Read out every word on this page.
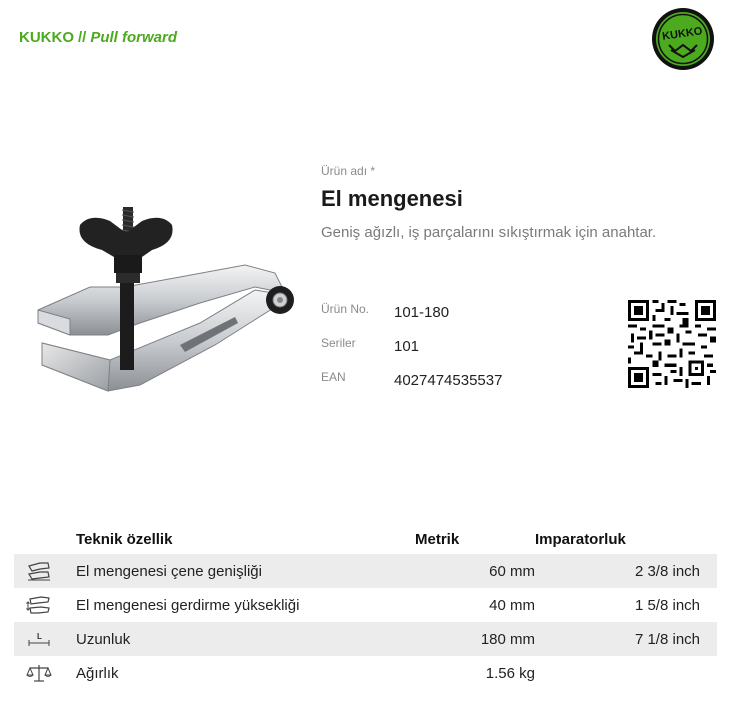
KUKKO // Pull forward	KUKKO
Ürün adı *
El mengenesi
Geniş ağızlı, iş parçalarını sıkıştırmak için anahtar.
Ürün No. 101-180
Seriler	101
EAN	4027474535537
	Teknik özellik	Metrik	Imparatorluk
	El mengenesi çene genişliği	60 mm	2 3/8 inch
	El mengenesi gerdirme yüksekliği	40 mm	1 5/8 inch

L	Uzunluk	180 mm	7 1/8 inch
	Ağırlık	1.56 kg	
